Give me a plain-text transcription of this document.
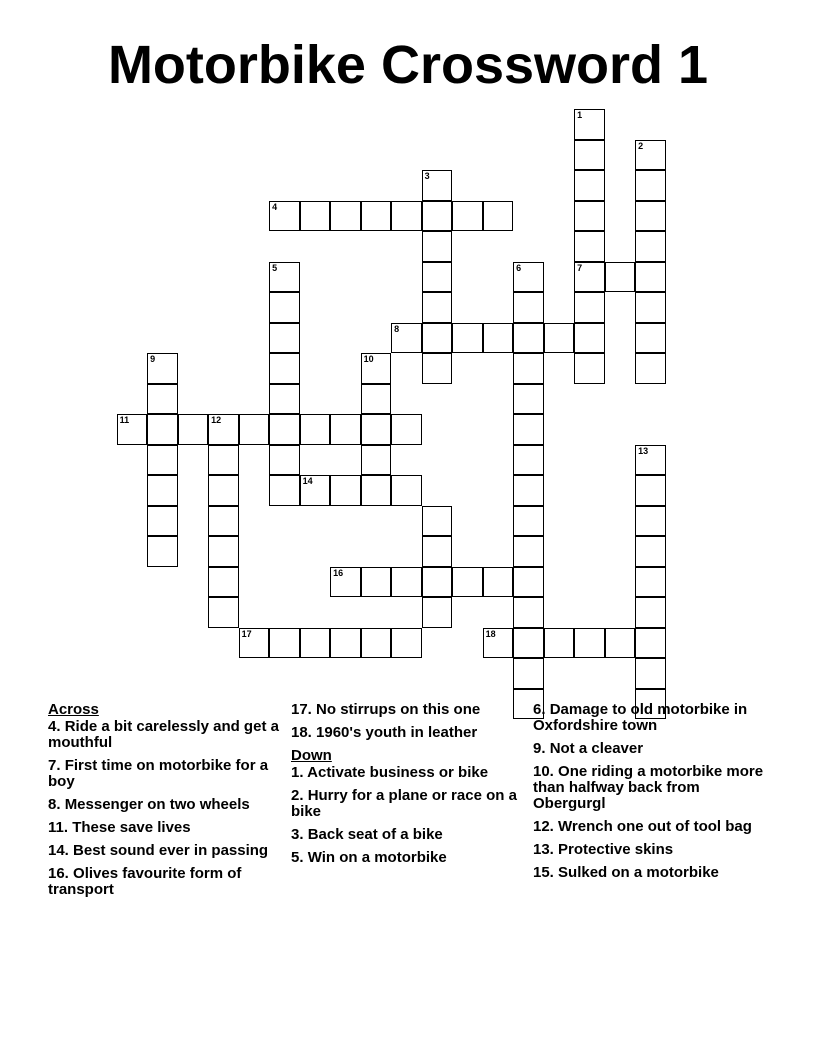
Motorbike Crossword 1
1
7
2
3
4
5	6
8
9	10
11	12
13
14
16
17	18
Across
4. Ride a bit carelessly and get a mouthful
7. First time on motorbike for a boy
8. Messenger on two wheels
11. These save lives
14. Best sound ever in passing
16. Olives favourite form of transport
17. No stirrups on this one
18. 1960's youth in leather
Down
1. Activate business or bike
2. Hurry for a plane or race on a bike
3. Back seat of a bike
5. Win on a motorbike
6. Damage to old motorbike in Oxfordshire town
9. Not a cleaver
10. One riding a motorbike more than halfway back from Obergurgl
12. Wrench one out of tool bag
13. Protective skins
15. Sulked on a motorbike
